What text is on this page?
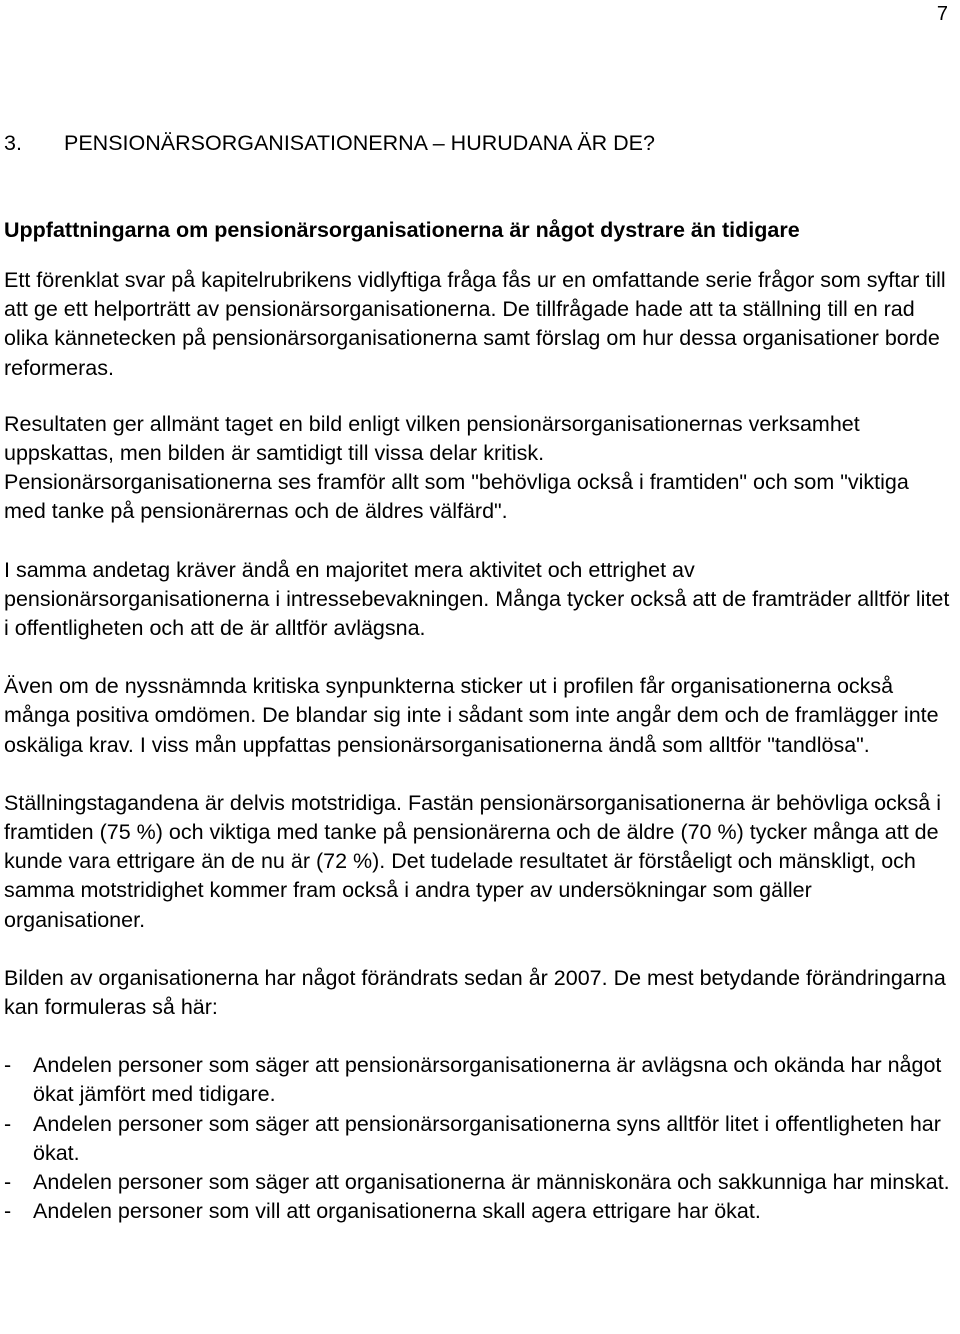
7
3. PENSIONÄRSORGANISATIONERNA – HURUDANA ÄR DE?
Uppfattningarna om pensionärsorganisationerna är något dystrare än tidigare

Ett förenklat svar på kapitelrubrikens vidlyftiga fråga fås ur en omfattande serie frågor som syftar till att ge ett helporträtt av pensionärsorganisationerna. De tillfrågade hade att ta ställning till en rad olika kännetecken på pensionärsorganisationerna samt förslag om hur dessa organisationer borde reformeras.

Resultaten ger allmänt taget en bild enligt vilken pensionärsorganisationernas verksamhet uppskattas, men bilden är samtidigt till vissa delar kritisk.

Pensionärsorganisationerna ses framför allt som "behövliga också i framtiden" och som "viktiga med tanke på pensionärernas och de äldres välfärd".

I samma andetag kräver ändå en majoritet mera aktivitet och ettrighet av pensionärsorganisationerna i intressebevakningen. Många tycker också att de framträder alltför litet i offentligheten och att de är alltför avlägsna.

Även om de nyssnämnda kritiska synpunkterna sticker ut i profilen får organisationerna också många positiva omdömen. De blandar sig inte i sådant som inte angår dem och de framlägger inte oskäliga krav. I viss mån uppfattas pensionärsorganisationerna ändå som alltför "tandlösa".

Ställningstagandena är delvis motstridiga. Fastän pensionärsorganisationerna är behövliga också i framtiden (75 %) och viktiga med tanke på pensionärerna och de äldre (70 %) tycker många att de kunde vara ettrigare än de nu är (72 %). Det tudelade resultatet är förståeligt och mänskligt, och samma motstridighet kommer fram också i andra typer av undersökningar som gäller organisationer.

Bilden av organisationerna har något förändrats sedan år 2007. De mest betydande förändringarna kan formuleras så här:

- Andelen personer som säger att pensionärsorganisationerna är avlägsna och okända har något ökat jämfört med tidigare.
- Andelen personer som säger att pensionärsorganisationerna syns alltför litet i offentligheten har ökat.
- Andelen personer som säger att organisationerna är människonära och sakkunniga har minskat.
- Andelen personer som vill att organisationerna skall agera ettrigare har ökat.
